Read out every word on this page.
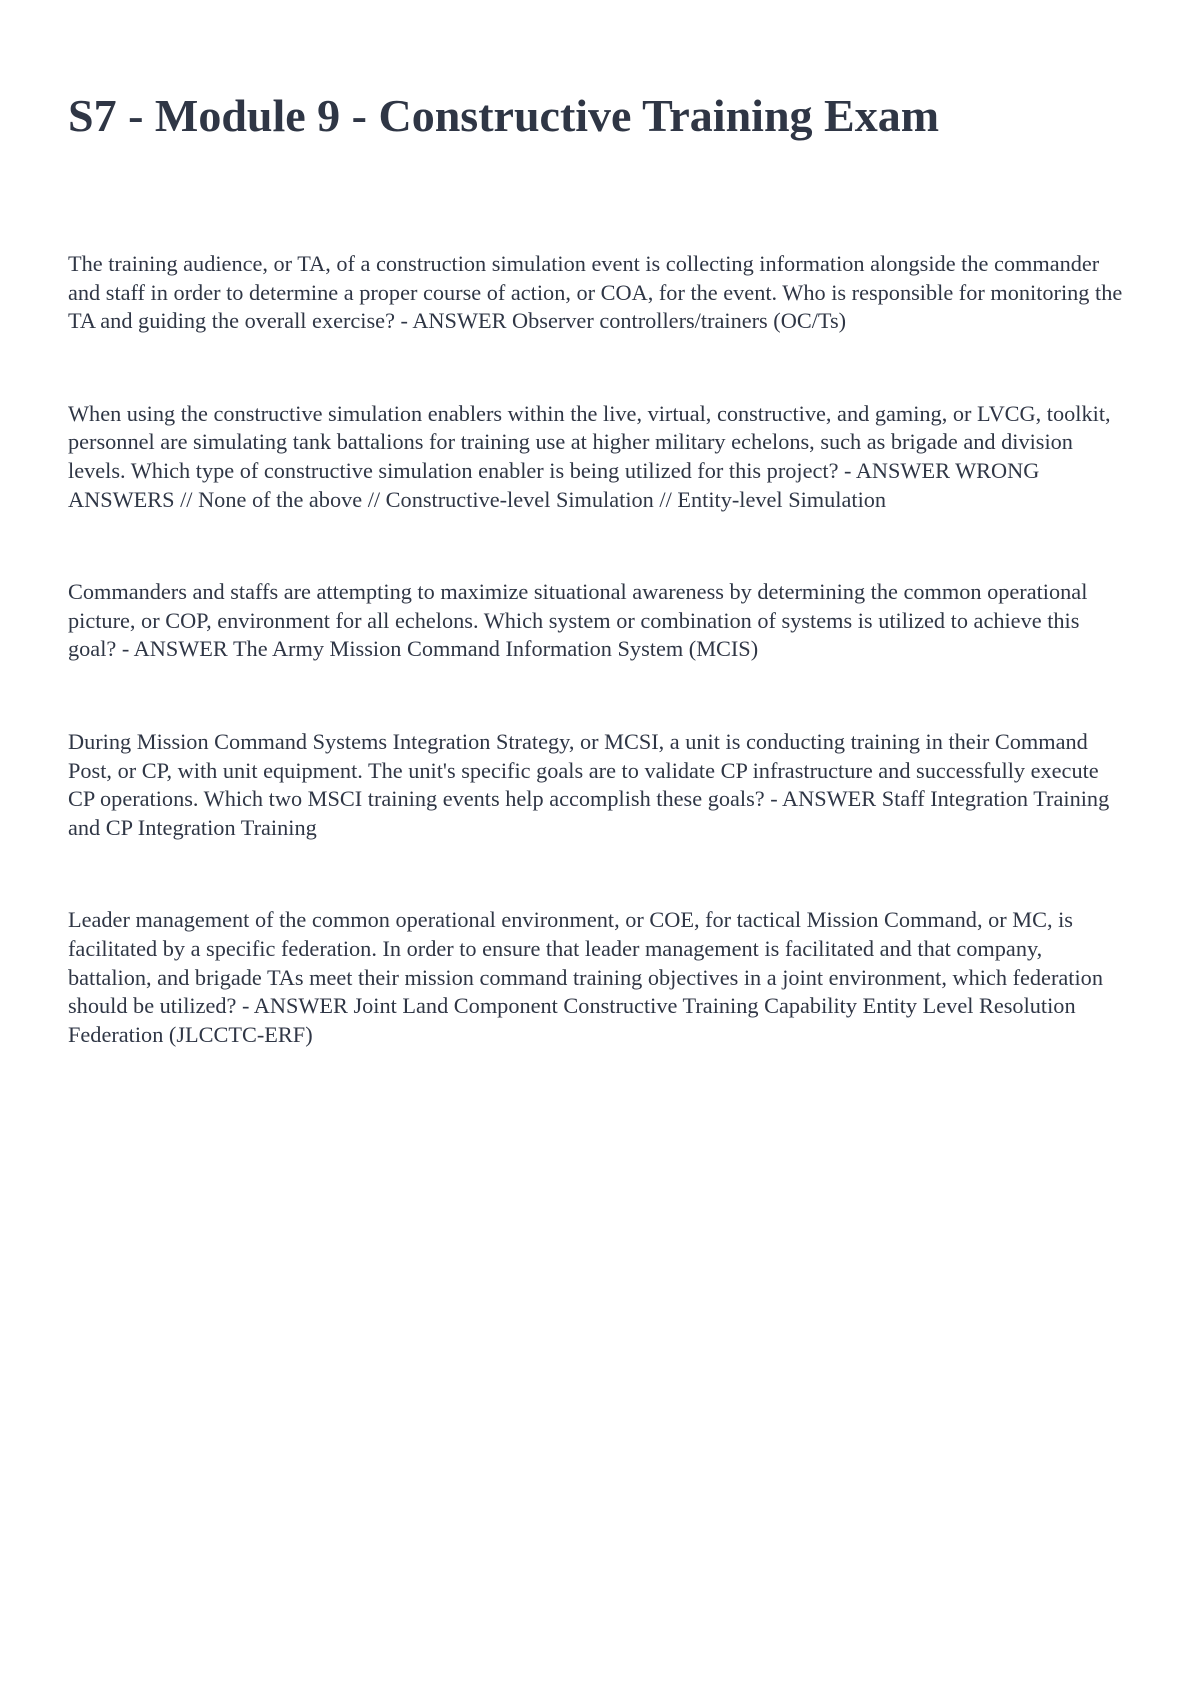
S7 - Module 9 - Constructive Training Exam

The training audience, or TA, of a construction simulation event is collecting information alongside the commander and staff in order to determine a proper course of action, or COA, for the event. Who is responsible for monitoring the TA and guiding the overall exercise? - ANSWER Observer controllers/trainers (OC/Ts)

When using the constructive simulation enablers within the live, virtual, constructive, and gaming, or LVCG, toolkit, personnel are simulating tank battalions for training use at higher military echelons, such as brigade and division levels. Which type of constructive simulation enabler is being utilized for this project? - ANSWER WRONG ANSWERS // None of the above // Constructive-level Simulation // Entity-level Simulation

Commanders and staffs are attempting to maximize situational awareness by determining the common operational picture, or COP, environment for all echelons. Which system or combination of systems is utilized to achieve this goal? - ANSWER The Army Mission Command Information System (MCIS)

During Mission Command Systems Integration Strategy, or MCSI, a unit is conducting training in their Command Post, or CP, with unit equipment. The unit's specific goals are to validate CP infrastructure and successfully execute CP operations. Which two MSCI training events help accomplish these goals? - ANSWER Staff Integration Training and CP Integration Training

Leader management of the common operational environment, or COE, for tactical Mission Command, or MC, is facilitated by a specific federation. In order to ensure that leader management is facilitated and that company, battalion, and brigade TAs meet their mission command training objectives in a joint environment, which federation should be utilized? - ANSWER Joint Land Component Constructive Training Capability Entity Level Resolution Federation (JLCCTC-ERF)
